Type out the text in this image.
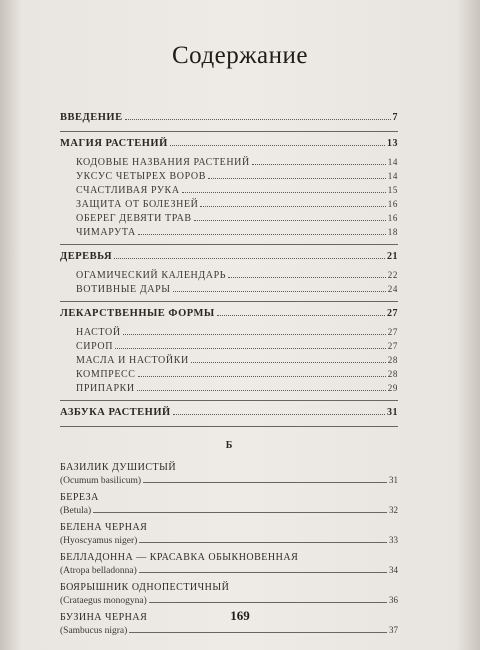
Содержание
ВВЕДЕНИЕ	7
МАГИЯ РАСТЕНИЙ	13
КОДОВЫЕ НАЗВАНИЯ РАСТЕНИЙ	14
УКСУС ЧЕТЫРЕХ ВОРОВ	14
СЧАСТЛИВАЯ РУКА	15
ЗАЩИТА ОТ БОЛЕЗНЕЙ	16
ОБЕРЕГ ДЕВЯТИ ТРАВ	16
ЧИМАРУТА	18
ДЕРЕВЬЯ	21
ОГАМИЧЕСКИЙ КАЛЕНДАРЬ	22
ВОТИВНЫЕ ДАРЫ	24
ЛЕКАРСТВЕННЫЕ ФОРМЫ	27
НАСТОЙ	27
СИРОП	27
МАСЛА И НАСТОЙКИ	28
КОМПРЕСС	28
ПРИПАРКИ	29
АЗБУКА РАСТЕНИЙ	31
Б
БАЗИЛИК ДУШИСТЫЙ
(Ocumum basilicum)	31
БЕРЕЗА
(Betula)	32
БЕЛЕНА ЧЕРНАЯ
(Hyoscyamus niger)	33
БЕЛЛАДОННА — КРАСАВКА ОБЫКНОВЕННАЯ
(Atropa belladonna)	34
БОЯРЫШНИК ОДНОПЕСТИЧНЫЙ
(Crataegus monogyna)	36
БУЗИНА ЧЕРНАЯ
(Sambucus nigra)	37
169
